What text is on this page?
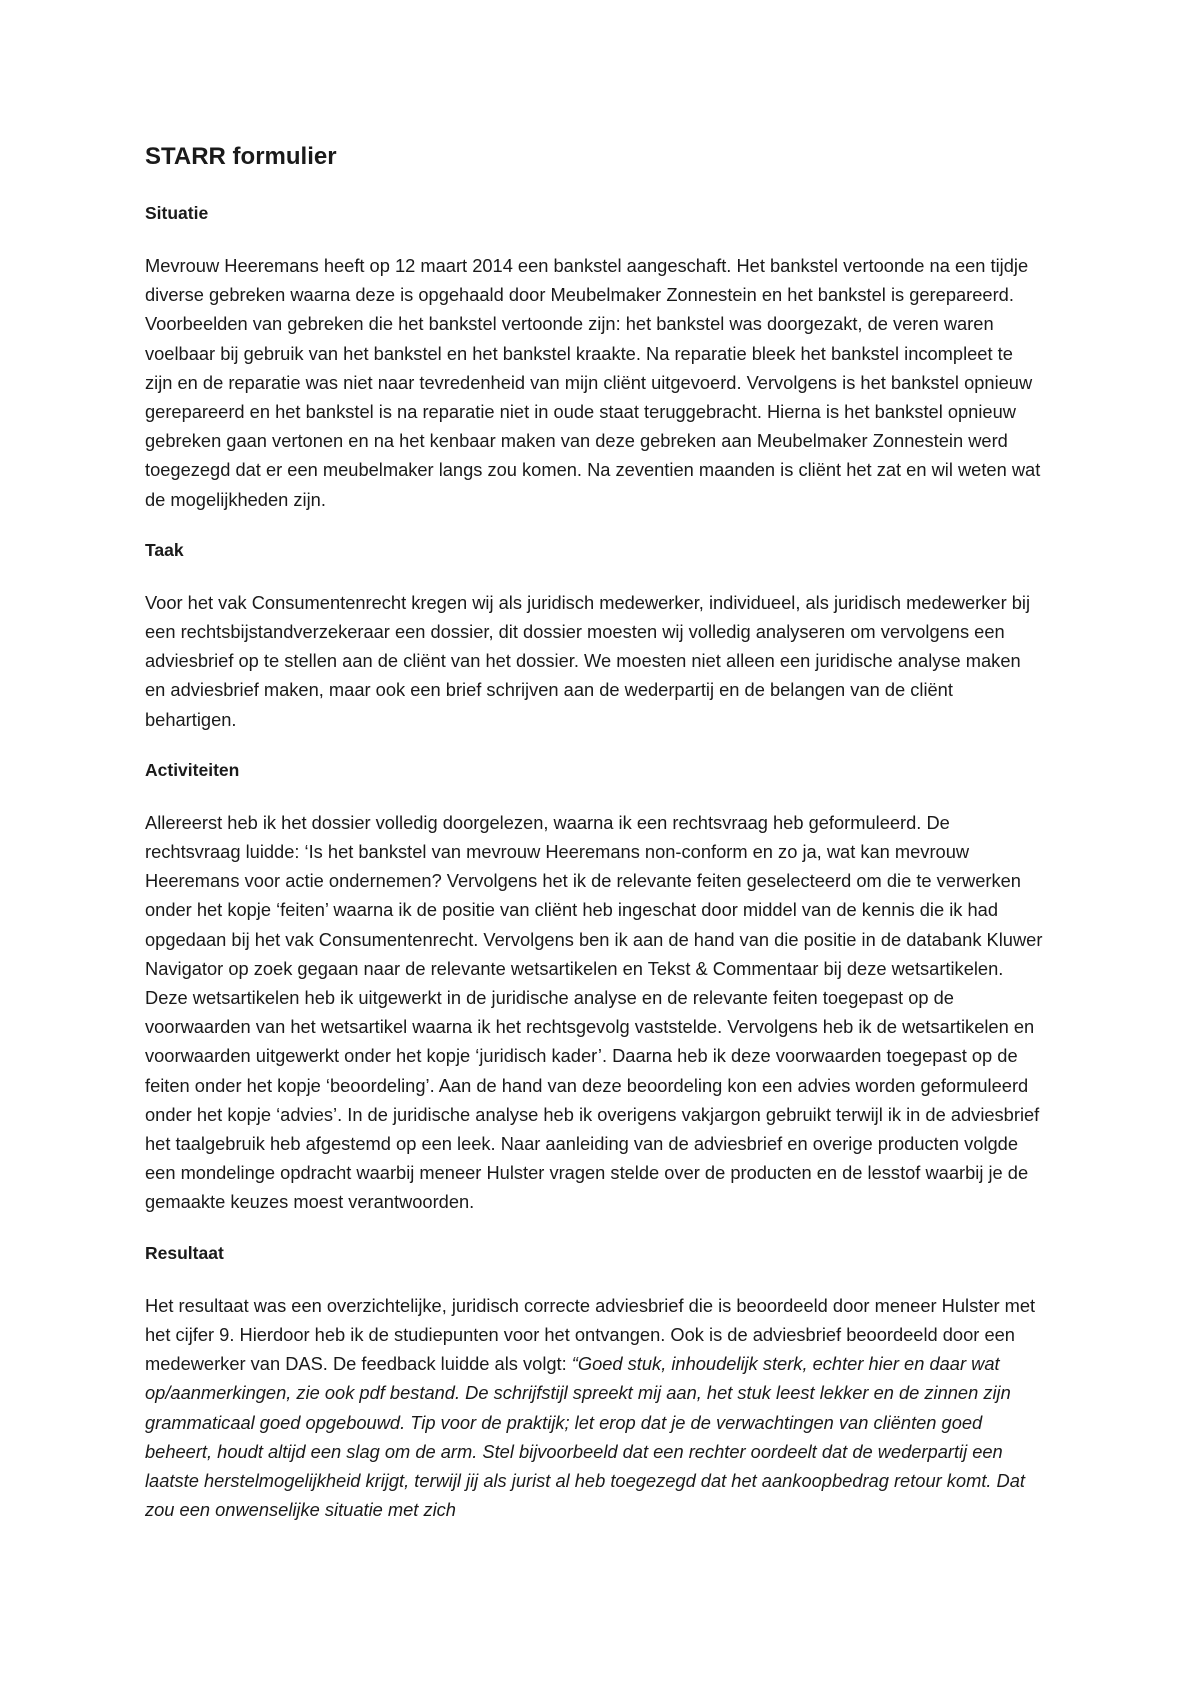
STARR formulier
Situatie

Mevrouw Heeremans heeft op 12 maart 2014 een bankstel aangeschaft. Het bankstel vertoonde na een tijdje diverse gebreken waarna deze is opgehaald door Meubelmaker Zonnestein en het bankstel is gerepareerd. Voorbeelden van gebreken die het bankstel vertoonde zijn: het bankstel was doorgezakt, de veren waren voelbaar bij gebruik van het bankstel en het bankstel kraakte. Na reparatie bleek het bankstel incompleet te zijn en de reparatie was niet naar tevredenheid van mijn cliënt uitgevoerd. Vervolgens is het bankstel opnieuw gerepareerd en het bankstel is na reparatie niet in oude staat teruggebracht. Hierna is het bankstel opnieuw gebreken gaan vertonen en na het kenbaar maken van deze gebreken aan Meubelmaker Zonnestein werd toegezegd dat er een meubelmaker langs zou komen. Na zeventien maanden is cliënt het zat en wil weten wat de mogelijkheden zijn.

Taak

Voor het vak Consumentenrecht kregen wij als juridisch medewerker, individueel, als juridisch medewerker bij een rechtsbijstandverzekeraar een dossier, dit dossier moesten wij volledig analyseren om vervolgens een adviesbrief op te stellen aan de cliënt van het dossier. We moesten niet alleen een juridische analyse maken en adviesbrief maken, maar ook een brief schrijven aan de wederpartij en de belangen van de cliënt behartigen.

Activiteiten

Allereerst heb ik het dossier volledig doorgelezen, waarna ik een rechtsvraag heb geformuleerd. De rechtsvraag luidde: ‘Is het bankstel van mevrouw Heeremans non-conform en zo ja, wat kan mevrouw Heeremans voor actie ondernemen? Vervolgens het ik de relevante feiten geselecteerd om die te verwerken onder het kopje ‘feiten’ waarna ik de positie van cliënt heb ingeschat door middel van de kennis die ik had opgedaan bij het vak Consumentenrecht. Vervolgens ben ik aan de hand van die positie in de databank Kluwer Navigator op zoek gegaan naar de relevante wetsartikelen en Tekst & Commentaar bij deze wetsartikelen. Deze wetsartikelen heb ik uitgewerkt in de juridische analyse en de relevante feiten toegepast op de voorwaarden van het wetsartikel waarna ik het rechtsgevolg vaststelde. Vervolgens heb ik de wetsartikelen en voorwaarden uitgewerkt onder het kopje ‘juridisch kader’. Daarna heb ik deze voorwaarden toegepast op de feiten onder het kopje ‘beoordeling’. Aan de hand van deze beoordeling kon een advies worden geformuleerd onder het kopje ‘advies’. In de juridische analyse heb ik overigens vakjargon gebruikt terwijl ik in de adviesbrief het taalgebruik heb afgestemd op een leek. Naar aanleiding van de adviesbrief en overige producten volgde een mondelinge opdracht waarbij meneer Hulster vragen stelde over de producten en de lesstof waarbij je de gemaakte keuzes moest verantwoorden.

Resultaat

Het resultaat was een overzichtelijke, juridisch correcte adviesbrief die is beoordeeld door meneer Hulster met het cijfer 9. Hierdoor heb ik de studiepunten voor het ontvangen. Ook is de adviesbrief beoordeeld door een medewerker van DAS. De feedback luidde als volgt: “Goed stuk, inhoudelijk sterk, echter hier en daar wat op/aanmerkingen, zie ook pdf bestand. De schrijfstijl spreekt mij aan, het stuk leest lekker en de zinnen zijn grammaticaal goed opgebouwd. Tip voor de praktijk; let erop dat je de verwachtingen van cliënten goed beheert, houdt altijd een slag om de arm. Stel bijvoorbeeld dat een rechter oordeelt dat de wederpartij een laatste herstelmogelijkheid krijgt, terwijl jij als jurist al heb toegezegd dat het aankoopbedrag retour komt. Dat zou een onwenselijke situatie met zich
